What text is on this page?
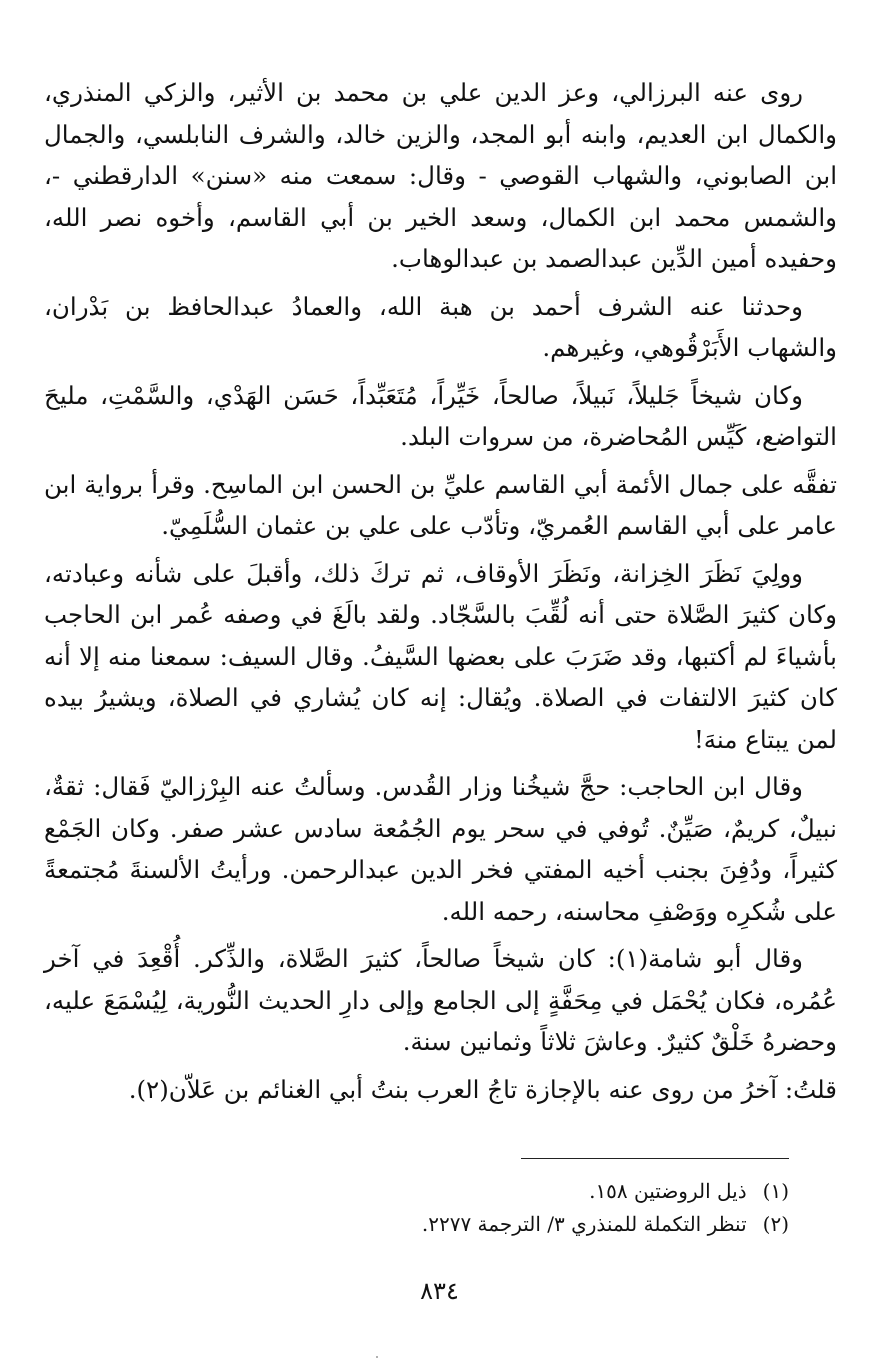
روى عنه البرزالي، وعز الدين علي بن محمد بن الأثير، والزكي المنذري، والكمال ابن العديم، وابنه أبو المجد، والزين خالد، والشرف النابلسي، والجمال ابن الصابوني، والشهاب القوصي - وقال: سمعت منه «سنن» الدارقطني -، والشمس محمد ابن الكمال، وسعد الخير بن أبي القاسم، وأخوه نصر الله، وحفيده أمين الدِّين عبدالصمد بن عبدالوهاب.

وحدثنا عنه الشرف أحمد بن هبة الله، والعمادُ عبدالحافظ بن بَدْران، والشهاب الأَبَرْقُوهي، وغيرهم.

وكان شيخاً جَليلاً، نَبيلاً، صالحاً، خَيِّراً، مُتَعَبِّداً، حَسَن الهَدْي، والسَّمْتِ، مليحَ التواضع، كَيِّس المُحاضرة، من سروات البلد.

تفقَّه على جمال الأئمة أبي القاسم عليِّ بن الحسن ابن الماسِح. وقرأ برواية ابن عامر على أبي القاسم العُمريّ، وتأدّب على علي بن عثمان السُّلَمِيّ.

وولِيَ نَظَرَ الخِزانة، ونَظَرَ الأوقاف، ثم تركَ ذلك، وأقبلَ على شأنه وعبادته، وكان كثيرَ الصَّلاة حتى أنه لُقِّبَ بالسَّجّاد. ولقد بالَغَ في وصفه عُمر ابن الحاجب بأشياءَ لم أكتبها، وقد ضَرَبَ على بعضها السَّيفُ. وقال السيف: سمعنا منه إلا أنه كان كثيرَ الالتفات في الصلاة. ويُقال: إنه كان يُشاري في الصلاة، ويشيرُ بيده لمن يبتاع منهَ!

وقال ابن الحاجب: حجَّ شيخُنا وزار القُدس. وسألتُ عنه البِرْزاليّ فَقال: ثقةٌ، نبيلٌ، كريمٌ، صَيِّنٌ. تُوفي في سحر يوم الجُمُعة سادس عشر صفر. وكان الجَمْع كثيراً، ودُفِنَ بجنب أخيه المفتي فخر الدين عبدالرحمن. ورأيتُ الألسنةَ مُجتمعةً على شُكرِه ووَصْفِ محاسنه، رحمه الله.

وقال أبو شامة(١): كان شيخاً صالحاً، كثيرَ الصَّلاة، والذِّكر. أُقْعِدَ في آخر عُمُره، فكان يُحْمَل في مِحَفَّةٍ إلى الجامع وإلى دارِ الحديث النُّورية، لِيُسْمَعَ عليه، وحضرهُ خَلْقٌ كثيرٌ. وعاشَ ثلاثاً وثمانين سنة.

قلتُ: آخرُ من روى عنه بالإجازة تاجُ العرب بنتُ أبي الغنائم بن عَلاّن(٢).

(١) ذيل الروضتين ١٥٨.

(٢) تنظر التكملة للمنذري ٣/ الترجمة ٢٢٧٧.

٨٣٤
